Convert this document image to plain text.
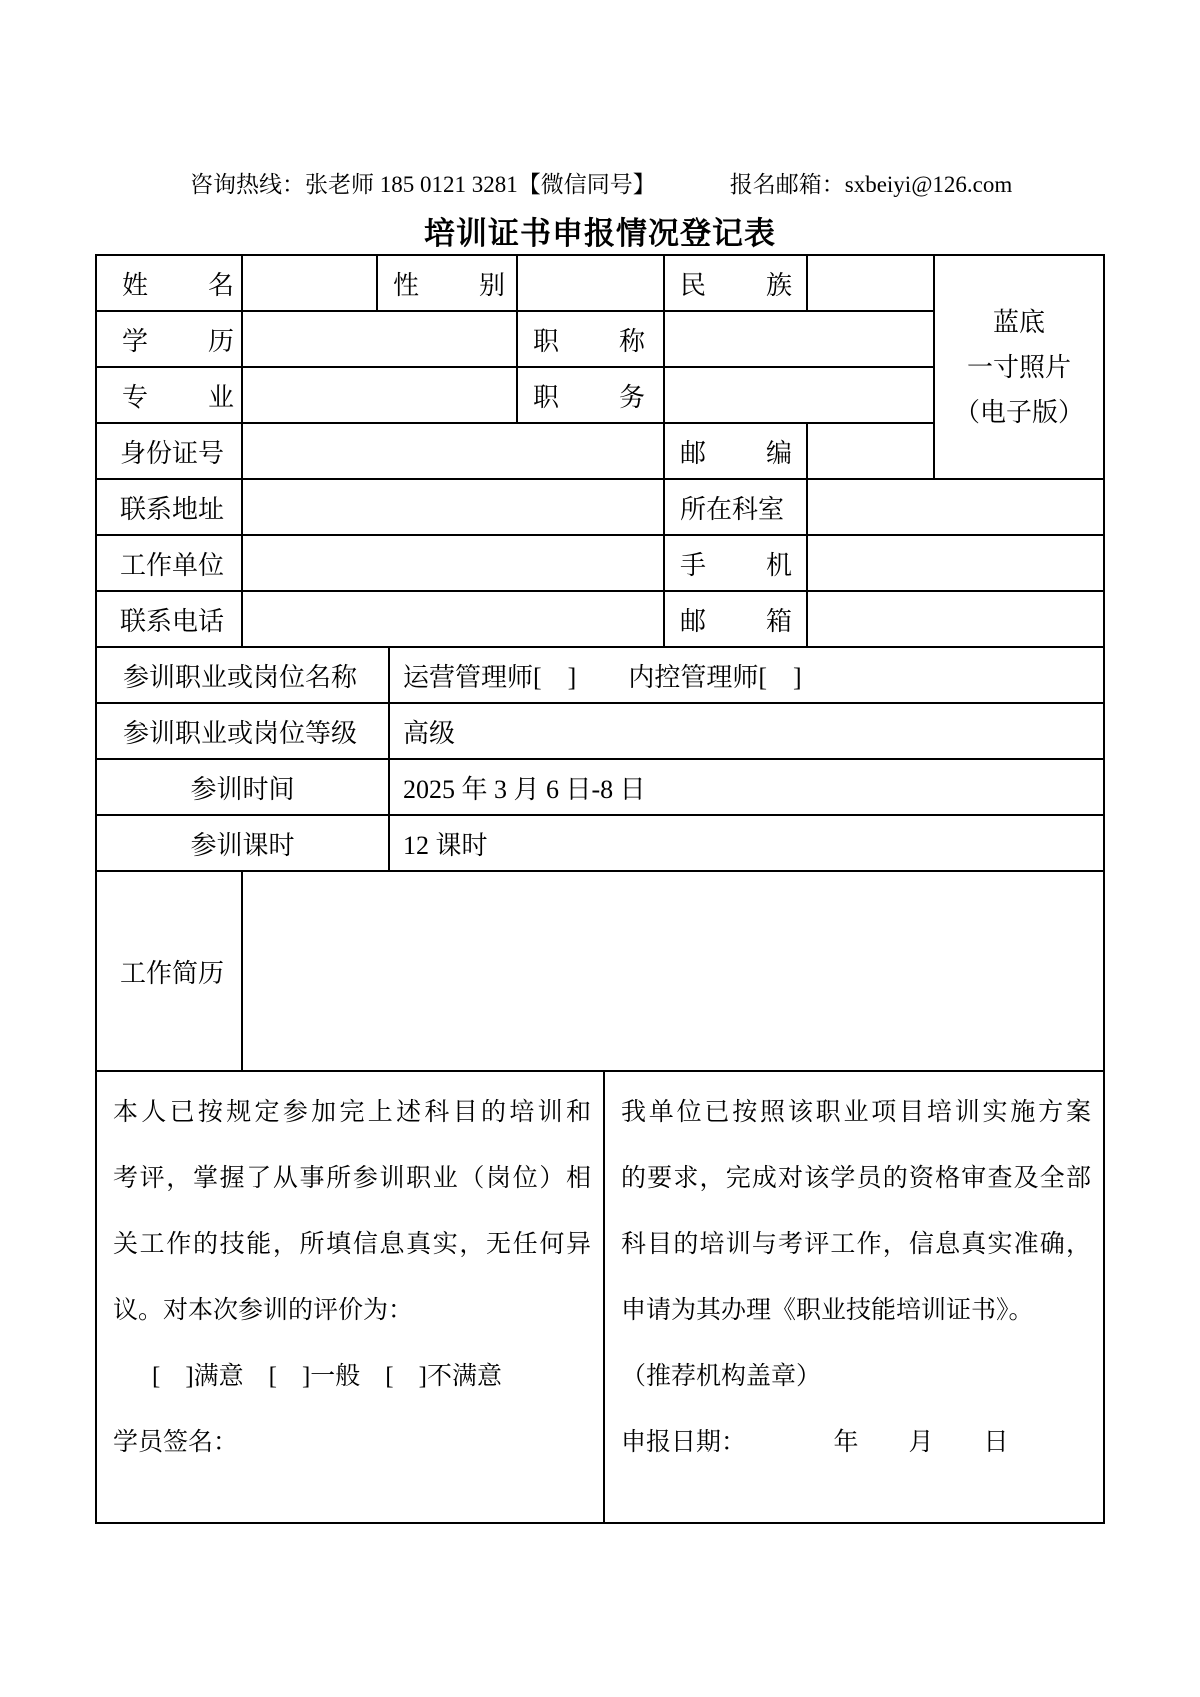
咨询热线：张老师 185 0121 3281【微信同号】	报名邮箱：sxbeiyi@126.com
培训证书申报情况登记表
蓝底
一寸照片
（电子版）
姓名	性别	民族
学历	职称
专业	职务
身份证号	邮编
联系地址	所在科室
工作单位	手机
联系电话	邮箱
参训职业或岗位名称 运营管理师[　]　　内控管理师[　]
参训职业或岗位等级 高级
参训时间	2025 年 3 月 6 日-8 日
参训课时	12 课时
工作简历
本人已按规定参加完上述科目的培训和
考评，掌握了从事所参训职业（岗位）相
关工作的技能，所填信息真实，无任何异
议。对本次参训的评价为：
[　]满意　[　]一般　[　]不满意
学员签名：
我单位已按照该职业项目培训实施方案
的要求，完成对该学员的资格审查及全部
科目的培训与考评工作，信息真实准确，
申请为其办理《职业技能培训证书》。
（推荐机构盖章）
申报日期：　　　　年　　月　　日
